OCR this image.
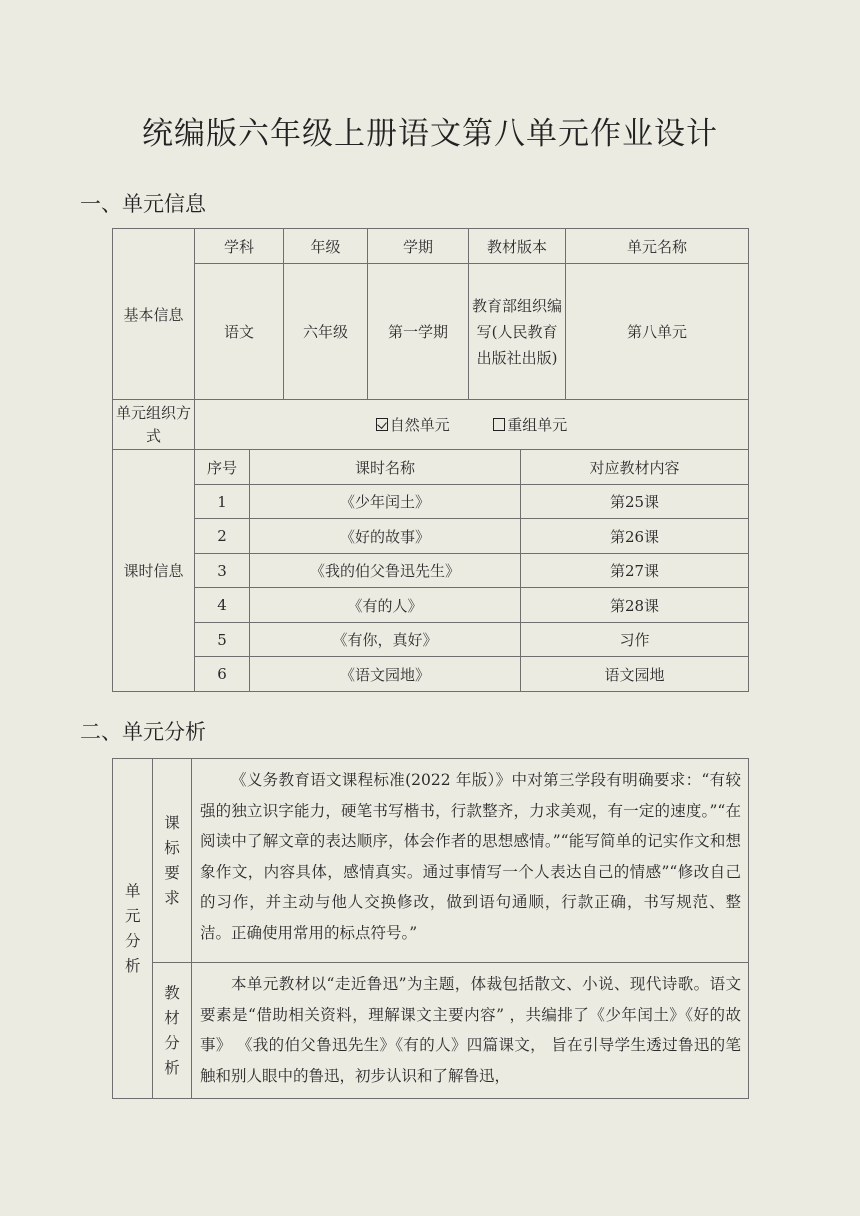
统编版六年级上册语文第八单元作业设计
一、单元信息
基本信息	学科		年级	学期	教材版本		单元名称
	语文		六年级	第一学期	教育部组织编写(人民教育出版社出版)		第八单元
单元组织方式	自然单元 重组单元						
课时信息	序号	课时名称				对应教材内容	
	1	《少年闰土》				第25课	
	2	《好的故事》				第26课	
	3	《我的伯父鲁迅先生》				第27课	
	4	《有的人》				第28课	
	5	《有你，真好》				习作	
	6	《语文园地》				语文园地	
二、单元分析
单元分析	课标要求	《义务教育语文课程标准(2022 年版）》中对第三学段有明确要求：“有较强的独立识字能力，硬笔书写楷书，行款整齐，力求美观，有一定的速度。”“在阅读中了解文章的表达顺序，体会作者的思想感情。”“能写简单的记实作文和想象作文，内容具体，感情真实。通过事情写一个人表达自己的情感”“修改自己的习作，并主动与他人交换修改，做到语句通顺，行款正确，书写规范、整洁。正确使用常用的标点符号。”
	教材分析	本单元教材以“走近鲁迅”为主题，体裁包括散文、小说、现代诗歌。语文要素是“借助相关资料，理解课文主要内容” ，共编排了《少年闰土》《好的故事》 《我的伯父鲁迅先生》《有的人》四篇课文， 旨在引导学生透过鲁迅的笔触和别人眼中的鲁迅，初步认识和了解鲁迅，
